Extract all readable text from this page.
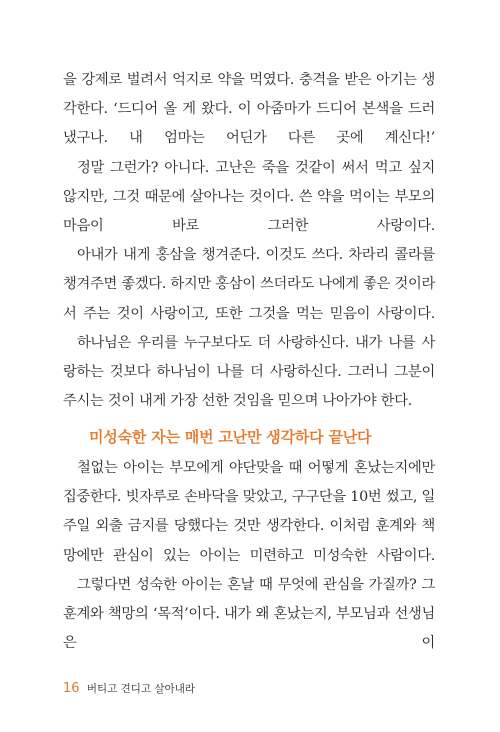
을 강제로 벌려서 억지로 약을 먹였다. 충격을 받은 아기는 생각한다. ‘드디어 올 게 왔다. 이 아줌마가 드디어 본색을 드러냈구나. 내 엄마는 어딘가 다른 곳에 계신다!’

정말 그런가? 아니다. 고난은 죽을 것같이 써서 먹고 싶지 않지만, 그것 때문에 살아나는 것이다. 쓴 약을 먹이는 부모의 마음이 바로 그러한 사랑이다.

아내가 내게 홍삼을 챙겨준다. 이것도 쓰다. 차라리 콜라를 챙겨주면 좋겠다. 하지만 홍삼이 쓰더라도 나에게 좋은 것이라서 주는 것이 사랑이고, 또한 그것을 먹는 믿음이 사랑이다.

하나님은 우리를 누구보다도 더 사랑하신다. 내가 나를 사랑하는 것보다 하나님이 나를 더 사랑하신다. 그러니 그분이 주시는 것이 내게 가장 선한 것임을 믿으며 나아가야 한다.

미성숙한 자는 매번 고난만 생각하다 끝난다

철없는 아이는 부모에게 야단맞을 때 어떻게 혼났는지에만 집중한다. 빗자루로 손바닥을 맞았고, 구구단을 10번 썼고, 일주일 외출 금지를 당했다는 것만 생각한다. 이처럼 훈계와 책망에만 관심이 있는 아이는 미련하고 미성숙한 사람이다.

그렇다면 성숙한 아이는 혼날 때 무엇에 관심을 가질까? 그 훈계와 책망의 ‘목적’이다. 내가 왜 혼났는지, 부모님과 선생님은 이

16 버티고 견디고 살아내라
